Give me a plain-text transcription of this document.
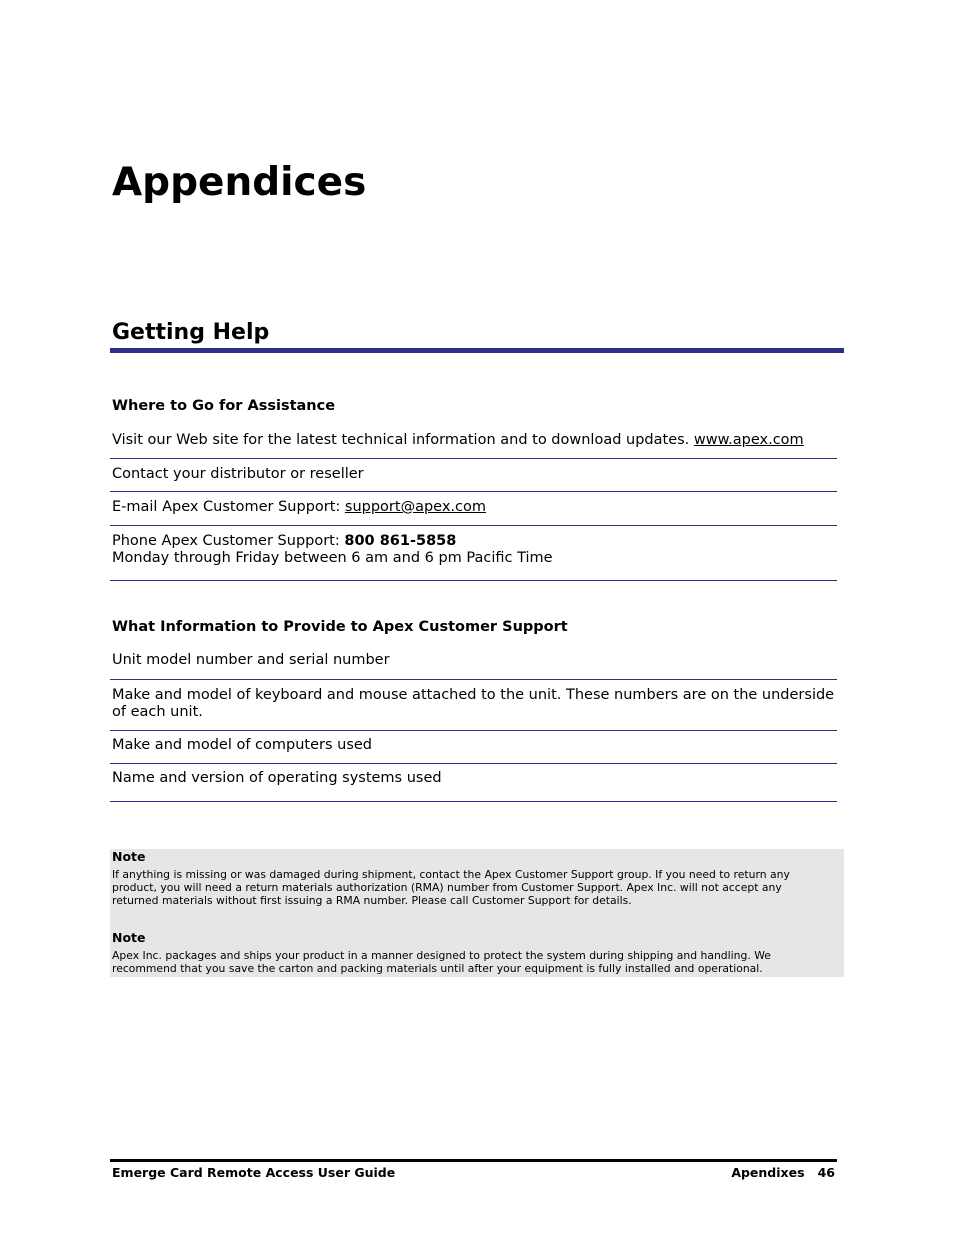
Appendices
Getting Help
Where to Go for Assistance
Visit our Web site for the latest technical information and to download updates. www.apex.com
Contact your distributor or reseller
E-mail Apex Customer Support: support@apex.com
Phone Apex Customer Support: 800 861-5858
Monday through Friday between 6 am and 6 pm Pacific Time
What Information to Provide to Apex Customer Support
Unit model number and serial number
Make and model of keyboard and mouse attached to the unit. These numbers are on the underside of each unit.
Make and model of computers used
Name and version of operating systems used
Note
If anything is missing or was damaged during shipment, contact the Apex Customer Support group. If you need to return any product, you will need a return materials authorization (RMA) number from Customer Support. Apex Inc. will not accept any returned materials without first issuing a RMA number. Please call Customer Support for details.
Note
Apex Inc. packages and ships your product in a manner designed to protect the system during shipping and handling. We recommend that you save the carton and packing materials until after your equipment is fully installed and operational.
Emerge Card Remote Access User Guide	Apendixes 46
